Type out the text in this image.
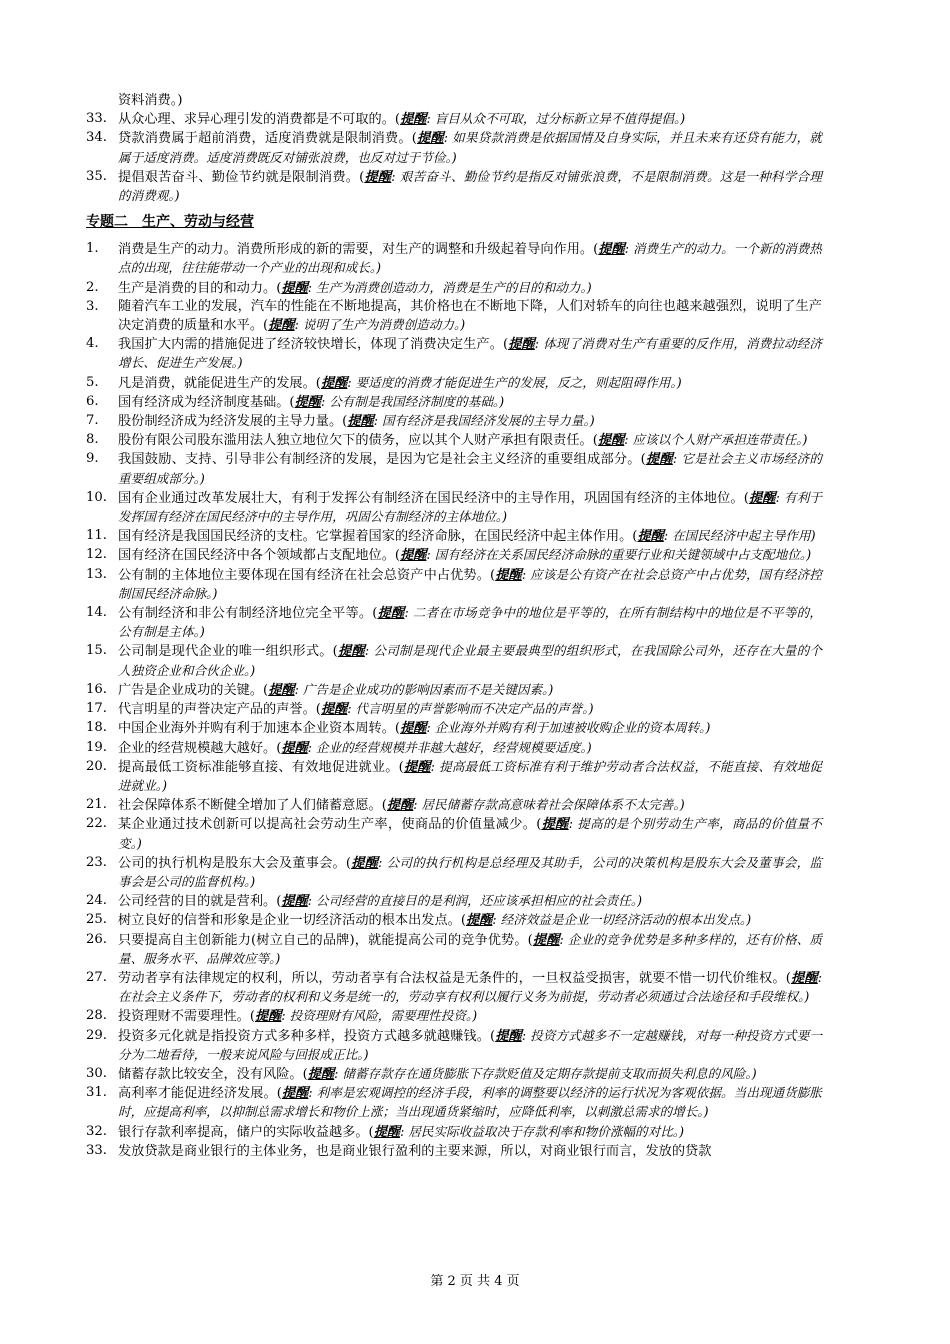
资料消费。)
33. 从众心理、求异心理引发的消费都是不可取的。(提醒: 盲目从众不可取，过分标新立异不值得提倡。)
34. 贷款消费属于超前消费，适度消费就是限制消费。(提醒: 如果贷款消费是依据国情及自身实际，并且未来有还贷有能力，就属于适度消费。适度消费既反对铺张浪费，也反对过于节俭。)
35. 提倡艰苦奋斗、勤俭节约就是限制消费。(提醒: 艰苦奋斗、勤俭节约是指反对铺张浪费，不是限制消费。这是一种科学合理的消费观。)
专题二　生产、劳动与经营
1.	消费是生产的动力。消费所形成的新的需要，对生产的调整和升级起着导向作用。(提醒: 消费生产的动力。一个新的消费热点的出现，往往能带动一个产业的出现和成长。)
2.	生产是消费的目的和动力。(提醒: 生产为消费创造动力，消费是生产的目的和动力。)
3.	随着汽车工业的发展，汽车的性能在不断地提高，其价格也在不断地下降，人们对轿车的向往也越来越强烈，说明了生产决定消费的质量和水平。(提醒: 说明了生产为消费创造动力。)
4.	我国扩大内需的措施促进了经济较快增长，体现了消费决定生产。(提醒: 体现了消费对生产有重要的反作用，消费拉动经济增长、促进生产发展。)
5.	凡是消费，就能促进生产的发展。(提醒: 要适度的消费才能促进生产的发展，反之，则起阻碍作用。)
6.	国有经济成为经济制度基础。(提醒: 公有制是我国经济制度的基础。)
7.	股份制经济成为经济发展的主导力量。(提醒: 国有经济是我国经济发展的主导力量。)
8.	股份有限公司股东滥用法人独立地位欠下的债务，应以其个人财产承担有限责任。(提醒: 应该以个人财产承担连带责任。)
9.	我国鼓励、支持、引导非公有制经济的发展，是因为它是社会主义经济的重要组成部分。(提醒: 它是社会主义市场经济的重要组成部分。)
10. 国有企业通过改革发展壮大，有利于发挥公有制经济在国民经济中的主导作用，巩固国有经济的主体地位。(提醒: 有利于发挥国有经济在国民经济中的主导作用，巩固公有制经济的主体地位。)
11. 国有经济是我国国民经济的支柱。它掌握着国家的经济命脉，在国民经济中起主体作用。(提醒: 在国民经济中起主导作用)
12. 国有经济在国民经济中各个领域都占支配地位。(提醒: 国有经济在关系国民经济命脉的重要行业和关键领域中占支配地位。)
13. 公有制的主体地位主要体现在国有经济在社会总资产中占优势。(提醒: 应该是公有资产在社会总资产中占优势，国有经济控制国民经济命脉。)
14. 公有制经济和非公有制经济地位完全平等。(提醒: 二者在市场竞争中的地位是平等的，在所有制结构中的地位是不平等的，公有制是主体。)
15. 公司制是现代企业的唯一组织形式。(提醒: 公司制是现代企业最主要最典型的组织形式，在我国除公司外，还存在大量的个人独资企业和合伙企业。)
16. 广告是企业成功的关键。(提醒: 广告是企业成功的影响因素而不是关键因素。)
17. 代言明星的声誉决定产品的声誉。(提醒: 代言明星的声誉影响而不决定产品的声誉。)
18. 中国企业海外并购有利于加速本企业资本周转。(提醒: 企业海外并购有利于加速被收购企业的资本周转。)
19. 企业的经营规模越大越好。(提醒: 企业的经营规模并非越大越好，经营规模要适度。)
20. 提高最低工资标准能够直接、有效地促进就业。(提醒: 提高最低工资标准有利于维护劳动者合法权益，不能直接、有效地促进就业。)
21. 社会保障体系不断健全增加了人们储蓄意愿。(提醒: 居民储蓄存款高意味着社会保障体系不太完善。)
22. 某企业通过技术创新可以提高社会劳动生产率，使商品的价值量减少。(提醒: 提高的是个别劳动生产率，商品的价值量不变。)
23. 公司的执行机构是股东大会及董事会。(提醒: 公司的执行机构是总经理及其助手，公司的决策机构是股东大会及董事会，监事会是公司的监督机构。)
24. 公司经营的目的就是营利。(提醒: 公司经营的直接目的是利润，还应该承担相应的社会责任。)
25. 树立良好的信誉和形象是企业一切经济活动的根本出发点。(提醒: 经济效益是企业一切经济活动的根本出发点。)
26. 只要提高自主创新能力(树立自己的品牌)，就能提高公司的竞争优势。(提醒: 企业的竞争优势是多种多样的，还有价格、质量、服务水平、品牌效应等。)
27. 劳动者享有法律规定的权利，所以，劳动者享有合法权益是无条件的，一旦权益受损害，就要不惜一切代价维权。(提醒: 在社会主义条件下，劳动者的权利和义务是统一的，劳动享有权利以履行义务为前提，劳动者必须通过合法途径和手段维权。)
28. 投资理财不需要理性。(提醒: 投资理财有风险，需要理性投资。)
29. 投资多元化就是指投资方式多种多样，投资方式越多就越赚钱。(提醒: 投资方式越多不一定越赚钱，对每一种投资方式要一分为二地看待，一般来说风险与回报成正比。)
30. 储蓄存款比较安全，没有风险。(提醒: 储蓄存款存在通货膨胀下存款贬值及定期存款提前支取而损失利息的风险。)
31. 高利率才能促进经济发展。(提醒: 利率是宏观调控的经济手段，利率的调整要以经济的运行状况为客观依据。当出现通货膨胀时，应提高利率，以抑制总需求增长和物价上涨；当出现通货紧缩时，应降低利率，以刺激总需求的增长。)
32. 银行存款利率提高，储户的实际收益越多。(提醒: 居民实际收益取决于存款利率和物价涨幅的对比。)
33. 发放贷款是商业银行的主体业务，也是商业银行盈利的主要来源，所以，对商业银行而言，发放的贷款
第 2 页 共 4 页
